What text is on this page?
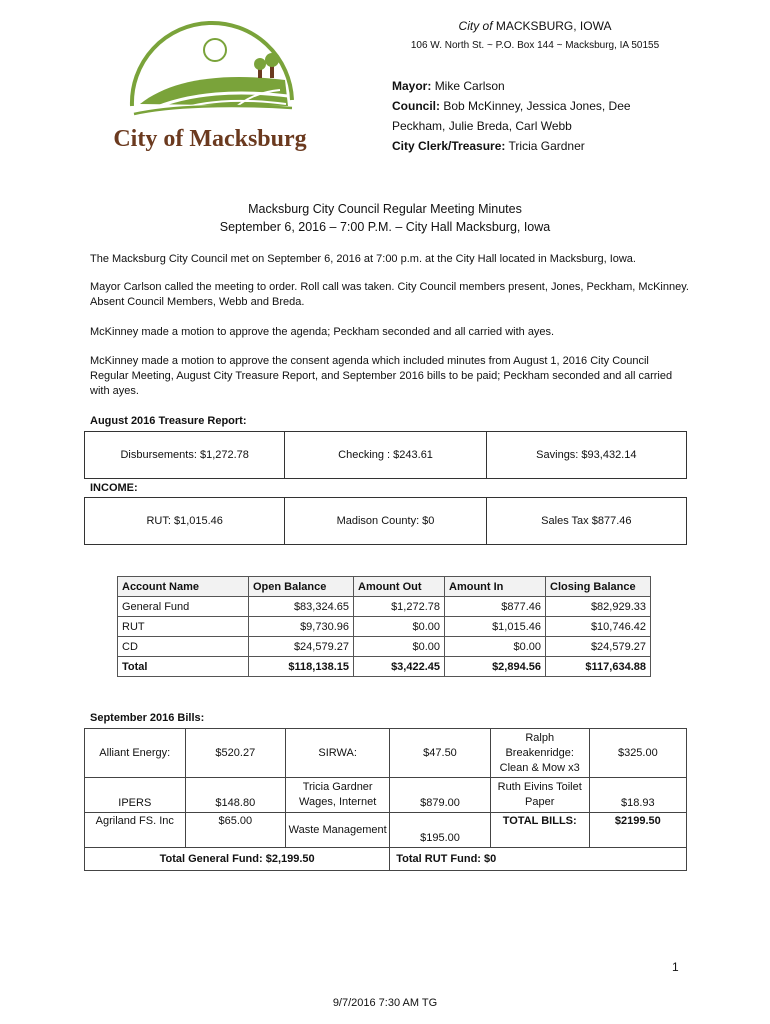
City of Macksburg
City of MACKSBURG, IOWA
106 W. North St. ~ P.O. Box 144 ~ Macksburg, IA 50155
Mayor: Mike Carlson
Council: Bob McKinney, Jessica Jones, Dee Peckham, Julie Breda, Carl Webb
City Clerk/Treasure: Tricia Gardner
Macksburg City Council Regular Meeting Minutes
September 6, 2016 – 7:00 P.M. – City Hall Macksburg, Iowa
The Macksburg City Council met on September 6, 2016 at 7:00 p.m. at the City Hall located in Macksburg, Iowa.
Mayor Carlson called the meeting to order. Roll call was taken. City Council members present, Jones, Peckham, McKinney. Absent Council Members, Webb and Breda.
McKinney made a motion to approve the agenda; Peckham seconded and all carried with ayes.
McKinney made a motion to approve the consent agenda which included minutes from August 1, 2016 City Council Regular Meeting, August City Treasure Report, and September 2016 bills to be paid; Peckham seconded and all carried with ayes.
August 2016 Treasure Report:
Disbursements: $1,272.78	Checking : $243.61	Savings: $93,432.14
INCOME:
RUT: $1,015.46	Madison County: $0	Sales Tax $877.46
Account Name	Open Balance	Amount Out	Amount In	Closing Balance
General Fund	$83,324.65	$1,272.78	$877.46	$82,929.33
RUT	$9,730.96	$0.00	$1,015.46	$10,746.42
CD	$24,579.27	$0.00	$0.00	$24,579.27
Total	$118,138.15	$3,422.45	$2,894.56	$117,634.88
September 2016 Bills:
Alliant Energy:	$520.27	SIRWA:	$47.50	Ralph Breakenridge: Clean & Mow x3	$325.00
IPERS	$148.80	Tricia Gardner Wages, Internet	$879.00	Ruth Eivins Toilet Paper	$18.93
Agriland FS. Inc	$65.00	Waste Management	$195.00	TOTAL BILLS:	$2199.50
Total General Fund: $2,199.50			Total RUT Fund: $0		
1
9/7/2016 7:30 AM TG
